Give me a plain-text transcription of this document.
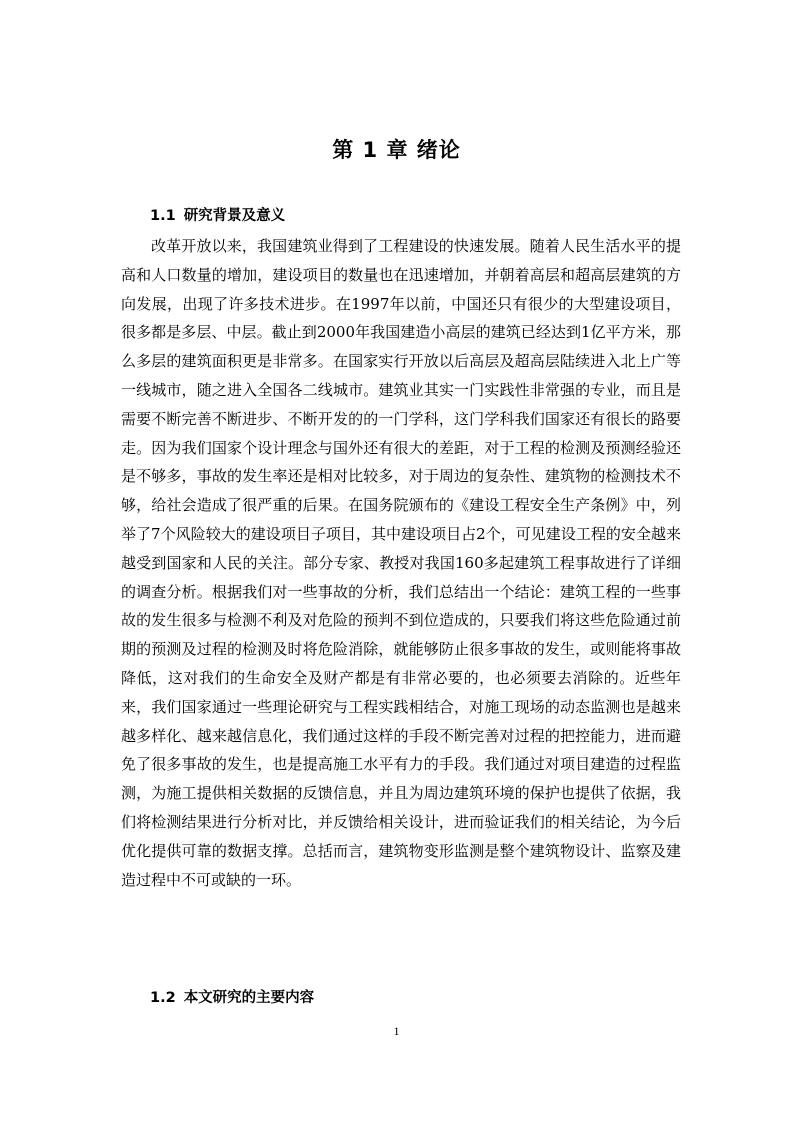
第 1 章 绪论
1.1 研究背景及意义

改革开放以来，我国建筑业得到了工程建设的快速发展。随着人民生活水平的提高和人口数量的增加，建设项目的数量也在迅速增加，并朝着高层和超高层建筑的方向发展，出现了许多技术进步。在1997年以前，中国还只有很少的大型建设项目，很多都是多层、中层。截止到2000年我国建造小高层的建筑已经达到1亿平方米，那么多层的建筑面积更是非常多。在国家实行开放以后高层及超高层陆续进入北上广等一线城市，随之进入全国各二线城市。建筑业其实一门实践性非常强的专业，而且是需要不断完善不断进步、不断开发的的一门学科，这门学科我们国家还有很长的路要走。因为我们国家个设计理念与国外还有很大的差距，对于工程的检测及预测经验还是不够多，事故的发生率还是相对比较多，对于周边的复杂性、建筑物的检测技术不够，给社会造成了很严重的后果。在国务院颁布的《建设工程安全生产条例》中，列举了7个风险较大的建设项目子项目，其中建设项目占2个，可见建设工程的安全越来越受到国家和人民的关注。部分专家、教授对我国160多起建筑工程事故进行了详细的调查分析。根据我们对一些事故的分析，我们总结出一个结论：建筑工程的一些事故的发生很多与检测不利及对危险的预判不到位造成的，只要我们将这些危险通过前期的预测及过程的检测及时将危险消除，就能够防止很多事故的发生，或则能将事故降低，这对我们的生命安全及财产都是有非常必要的，也必须要去消除的。近些年来，我们国家通过一些理论研究与工程实践相结合，对施工现场的动态监测也是越来越多样化、越来越信息化，我们通过这样的手段不断完善对过程的把控能力，进而避免了很多事故的发生，也是提高施工水平有力的手段。我们通过对项目建造的过程监测，为施工提供相关数据的反馈信息，并且为周边建筑环境的保护也提供了依据，我们将检测结果进行分析对比，并反馈给相关设计，进而验证我们的相关结论，为今后优化提供可靠的数据支撑。总括而言，建筑物变形监测是整个建筑物设计、监察及建造过程中不可或缺的一环。

1.2 本文研究的主要内容
1
